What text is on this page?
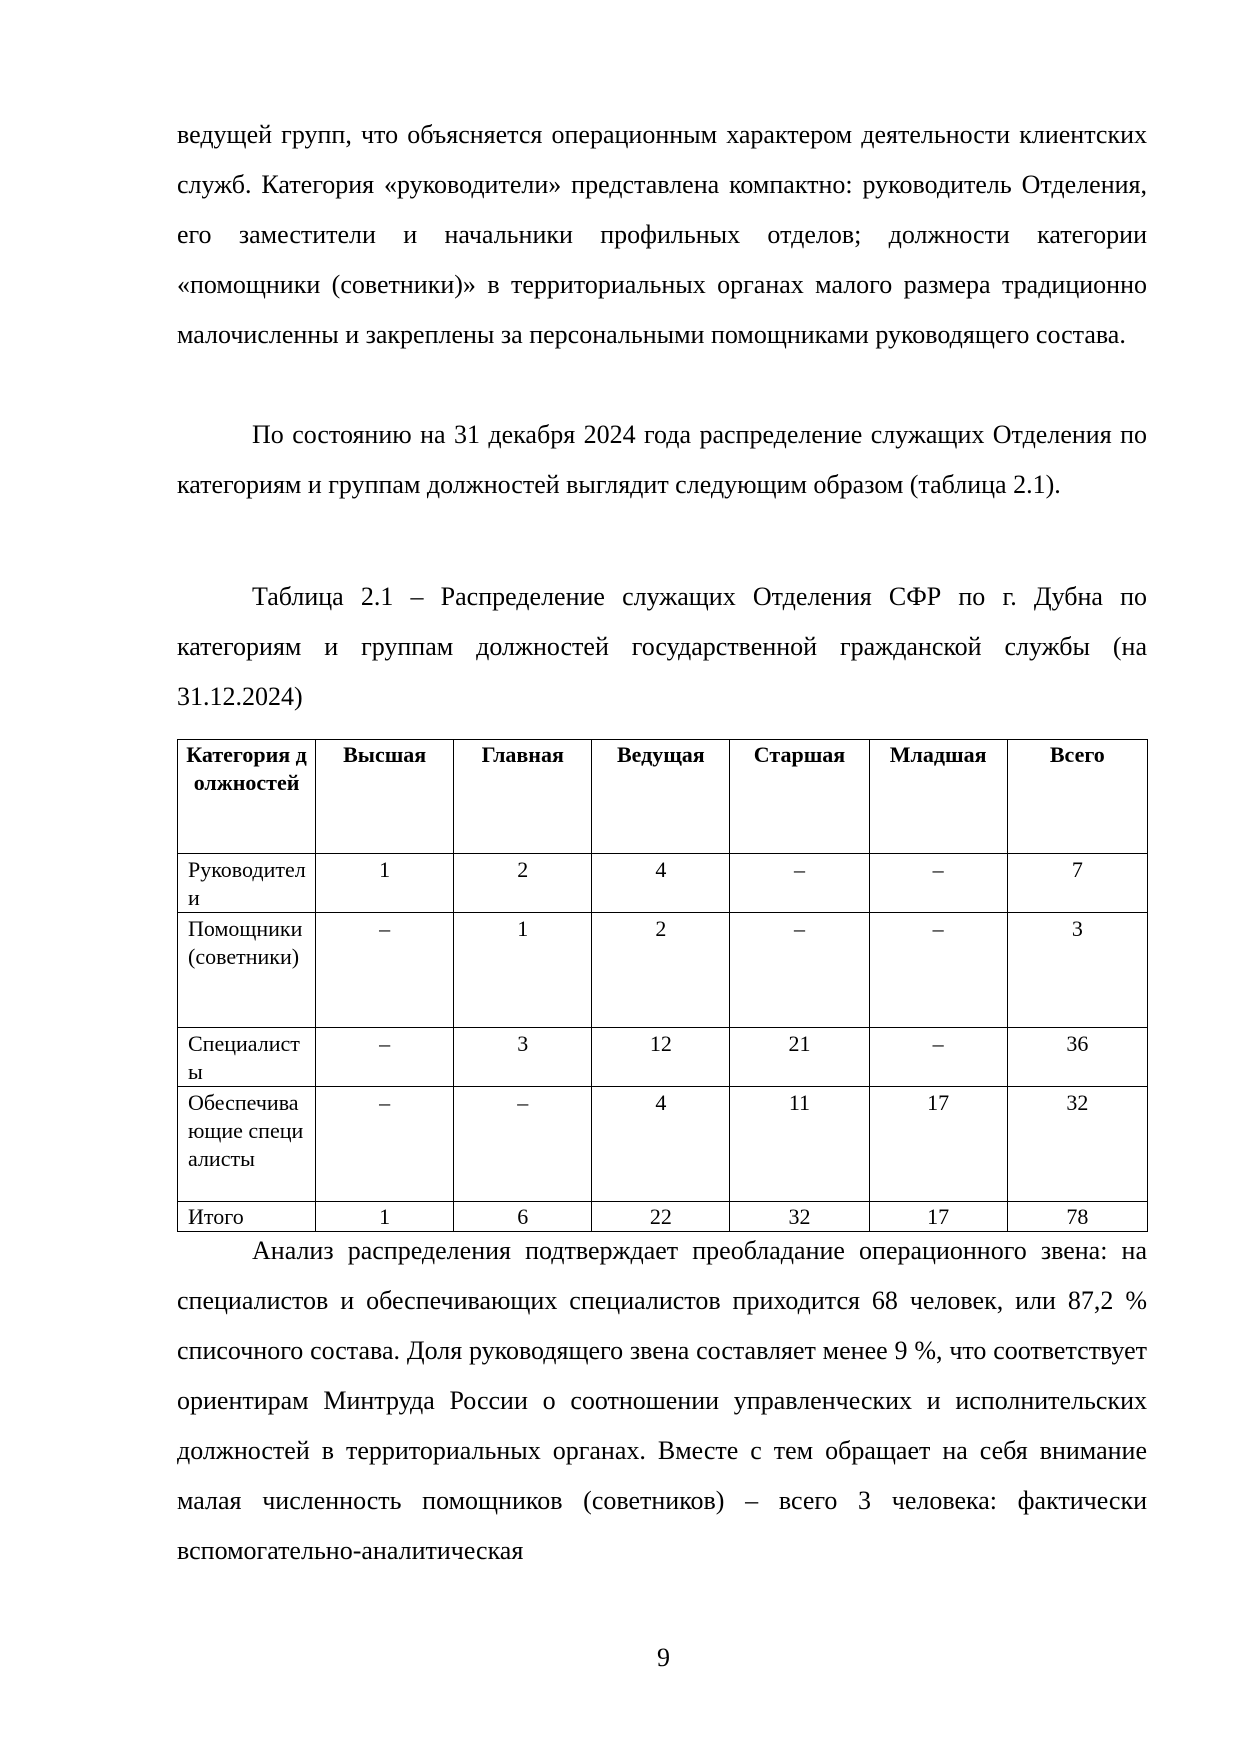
ведущей групп, что объясняется операционным характером деятельности клиентских служб. Категория «руководители» представлена компактно: руководитель Отделения, его заместители и начальники профильных отделов; должности категории «помощники (советники)» в территориальных органах малого размера традиционно малочисленны и закреплены за персональными помощниками руководящего состава.

По состоянию на 31 декабря 2024 года распределение служащих Отделения по категориям и группам должностей выглядит следующим образом (таблица 2.1).

Таблица 2.1 – Распределение служащих Отделения СФР по г. Дубна по категориям и группам должностей государственной гражданской службы (на 31.12.2024)

Категория должностей	Высшая	Главная	Ведущая	Старшая	Младшая	Всего
Руководители	1	2	4	–	–	7
Помощники (советники)	–	1	2	–	–	3
Специалисты	–	3	12	21	–	36
Обеспечивающие специалисты	–	–	4	11	17	32
Итого	1	6	22	32	17	78

Анализ распределения подтверждает преобладание операционного звена: на специалистов и обеспечивающих специалистов приходится 68 человек, или 87,2 % списочного состава. Доля руководящего звена составляет менее 9 %, что соответствует ориентирам Минтруда России о соотношении управленческих и исполнительских должностей в территориальных органах. Вместе с тем обращает на себя внимание малая численность помощников (советников) – всего 3 человека: фактически вспомогательно-аналитическая

9
